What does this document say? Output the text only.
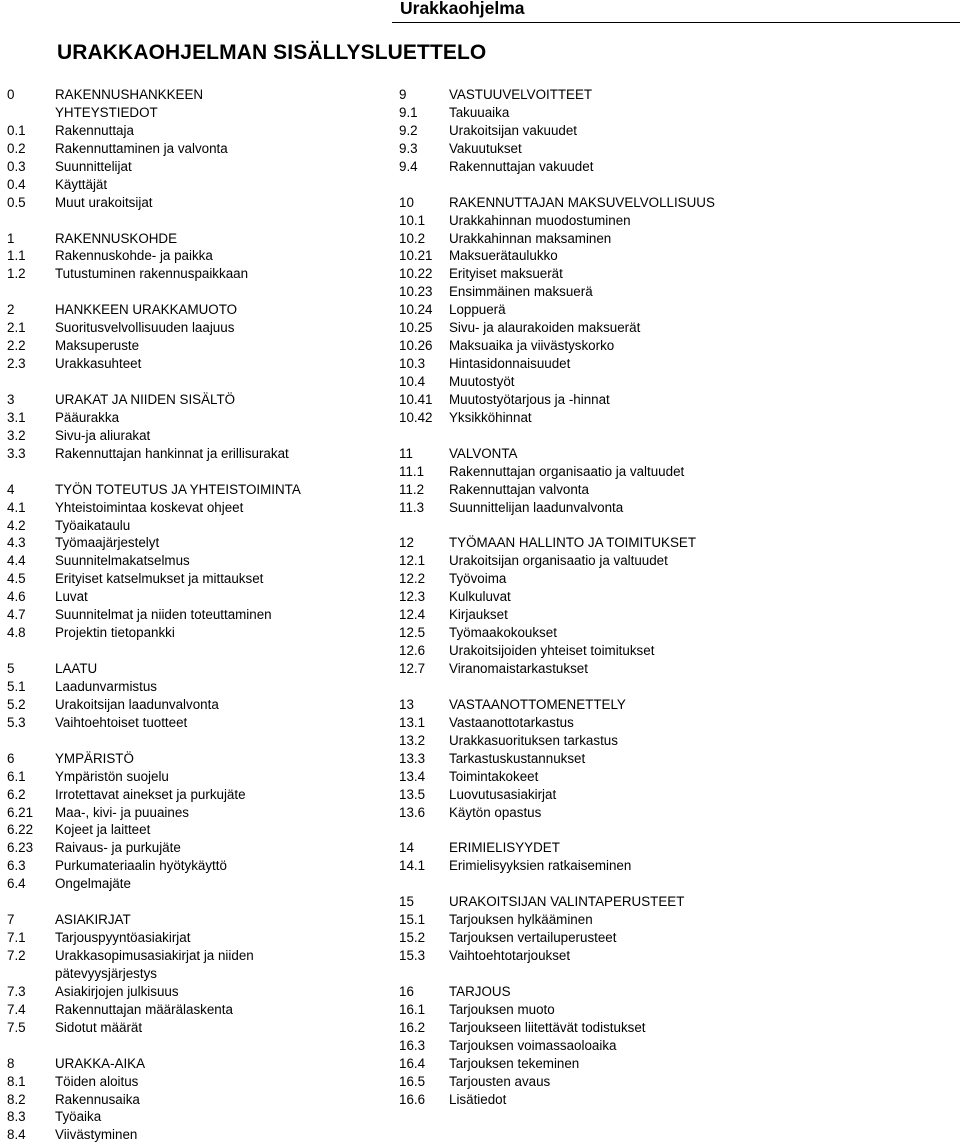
Urakkaohjelma
URAKKAOHJELMAN SISÄLLYSLUETTELO
0	RAKENNUSHANKKEEN
YHTEYSTIEDOT
0.1 Rakennuttaja
0.2 Rakennuttaminen ja valvonta
0.3 Suunnittelijat
0.4 Käyttäjät
0.5 Muut urakoitsijat
1	RAKENNUSKOHDE
1.1 Rakennuskohde- ja paikka
1.2 Tutustuminen rakennuspaikkaan
2	HANKKEEN URAKKAMUOTO
2.1 Suoritusvelvollisuuden laajuus
2.2 Maksuperuste
2.3 Urakkasuhteet
3	URAKAT JA NIIDEN SISÄLTÖ
3.1 Pääurakka
3.2 Sivu-ja aliurakat
3.3 Rakennuttajan hankinnat ja erillisurakat
4	TYÖN TOTEUTUS JA YHTEISTOIMINTA
4.1 Yhteistoimintaa koskevat ohjeet
4.2 Työaikataulu
4.3 Työmaajärjestelyt
4.4 Suunnitelmakatselmus
4.5 Erityiset katselmukset ja mittaukset
4.6 Luvat
4.7 Suunnitelmat ja niiden toteuttaminen
4.8 Projektin tietopankki
5	LAATU
5.1 Laadunvarmistus
5.2 Urakoitsijan laadunvalvonta
5.3 Vaihtoehtoiset tuotteet
6	YMPÄRISTÖ
6.1 Ympäristön suojelu
6.2 Irrotettavat ainekset ja purkujäte
6.21 Maa-, kivi- ja puuaines
6.22 Kojeet ja laitteet
6.23 Raivaus- ja purkujäte
6.3 Purkumateriaalin hyötykäyttö
6.4 Ongelmajäte
7	ASIAKIRJAT
7.1 Tarjouspyyntöasiakirjat
7.2 Urakkasopimusasiakirjat ja niiden
pätevyysjärjestys
7.3 Asiakirjojen julkisuus
7.4 Rakennuttajan määrälaskenta
7.5 Sidotut määrät
8	URAKKA-AIKA
8.1 Töiden aloitus
8.2 Rakennusaika
8.3 Työaika
8.4 Viivästyminen
9	VASTUUVELVOITTEET
9.1 Takuuaika
9.2 Urakoitsijan vakuudet
9.3 Vakuutukset
9.4 Rakennuttajan vakuudet
10	RAKENNUTTAJAN MAKSUVELVOLLISUUS
10.1 Urakkahinnan muodostuminen
10.2 Urakkahinnan maksaminen
10.21 Maksuerätaulukko
10.22 Erityiset maksuerät
10.23 Ensimmäinen maksuerä
10.24 Loppuerä
10.25 Sivu- ja alaurakoiden maksuerät
10.26 Maksuaika ja viivästyskorko
10.3 Hintasidonnaisuudet
10.4 Muutostyöt
10.41 Muutostyötarjous ja -hinnat
10.42 Yksikköhinnat
11	VALVONTA
11.1 Rakennuttajan organisaatio ja valtuudet
11.2 Rakennuttajan valvonta
11.3 Suunnittelijan laadunvalvonta
12	TYÖMAAN HALLINTO JA TOIMITUKSET
12.1 Urakoitsijan organisaatio ja valtuudet
12.2 Työvoima
12.3 Kulkuluvat
12.4 Kirjaukset
12.5 Työmaakokoukset
12.6 Urakoitsijoiden yhteiset toimitukset
12.7 Viranomaistarkastukset
13	VASTAANOTTOMENETTELY
13.1 Vastaanottotarkastus
13.2 Urakkasuorituksen tarkastus
13.3 Tarkastuskustannukset
13.4 Toimintakokeet
13.5 Luovutusasiakirjat
13.6 Käytön opastus
14	ERIMIELISYYDET
14.1 Erimielisyyksien ratkaiseminen
15	URAKOITSIJAN VALINTAPERUSTEET
15.1 Tarjouksen hylkääminen
15.2 Tarjouksen vertailuperusteet
15.3 Vaihtoehtotarjoukset
16	TARJOUS
16.1 Tarjouksen muoto
16.2 Tarjoukseen liitettävät todistukset
16.3 Tarjouksen voimassaoloaika
16.4 Tarjouksen tekeminen
16.5 Tarjousten avaus
16.6 Lisätiedot
